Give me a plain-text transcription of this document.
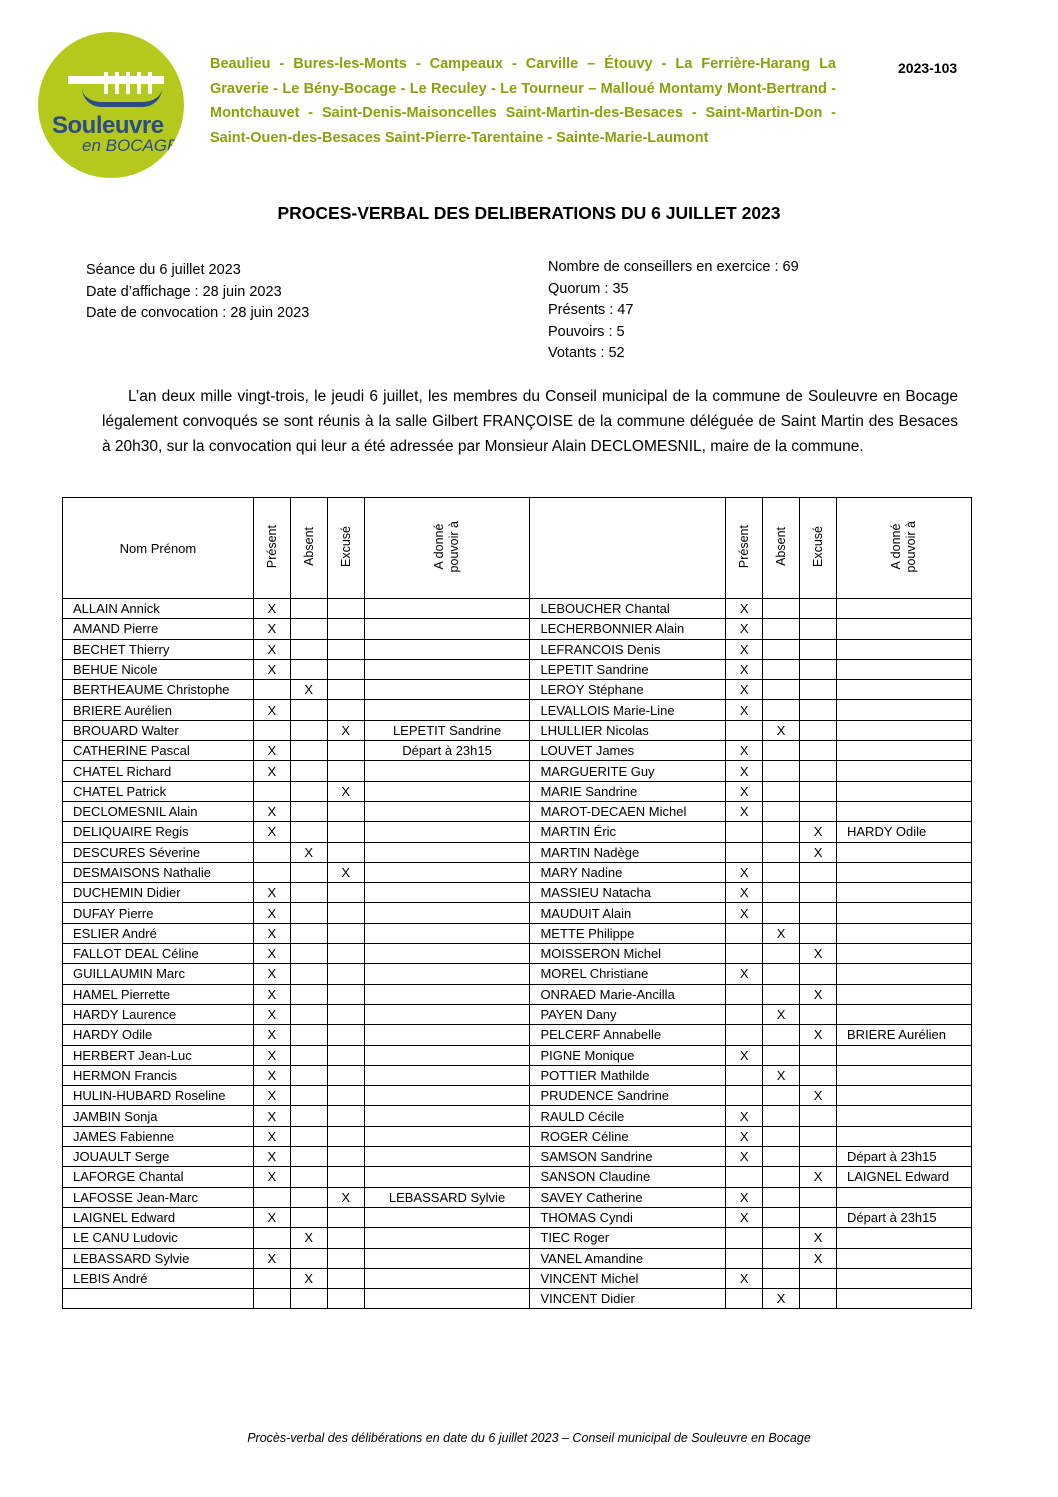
Souleuvre
en BOCAGE
Beaulieu - Bures-les-Monts - Campeaux - Carville – Étouvy - La Ferrière-Harang La Graverie - Le Bény-Bocage - Le Reculey - Le Tourneur – Malloué Montamy Mont-Bertrand - Montchauvet - Saint-Denis-Maisoncelles Saint-Martin-des-Besaces - Saint-Martin-Don - Saint-Ouen-des-Besaces Saint-Pierre-Tarentaine - Sainte-Marie-Laumont
2023-103
PROCES-VERBAL DES DELIBERATIONS DU 6 JUILLET 2023
Séance du 6 juillet 2023
Date d’affichage : 28 juin 2023
Date de convocation : 28 juin 2023
Nombre de conseillers en exercice : 69
Quorum : 35
Présents : 47
Pouvoirs : 5
Votants : 52
L’an deux mille vingt-trois, le jeudi 6 juillet, les membres du Conseil municipal de la commune de Souleuvre en Bocage légalement convoqués se sont réunis à la salle Gilbert FRANÇOISE de la commune déléguée de Saint Martin des Besaces à 20h30, sur la convocation qui leur a été adressée par Monsieur Alain DECLOMESNIL, maire de la commune.
Nom Prénom	Présent	Absent	Excusé	A donné
pouvoir à		Présent	Absent	Excusé	A donné
pouvoir à
ALLAIN Annick	X				LEBOUCHER Chantal	X			
AMAND Pierre	X				LECHERBONNIER Alain	X			
BECHET Thierry	X				LEFRANCOIS Denis	X			
BEHUE Nicole	X				LEPETIT Sandrine	X			
BERTHEAUME Christophe		X			LEROY Stéphane	X			
BRIERE Aurélien	X				LEVALLOIS Marie-Line	X			
BROUARD Walter			X	LEPETIT Sandrine	LHULLIER Nicolas		X		
CATHERINE Pascal	X			Départ à 23h15	LOUVET James	X			
CHATEL Richard	X				MARGUERITE Guy	X			
CHATEL Patrick			X		MARIE Sandrine	X			
DECLOMESNIL Alain	X				MAROT-DECAEN Michel	X			
DELIQUAIRE Regis	X				MARTIN Éric			X	HARDY Odile
DESCURES Séverine		X			MARTIN Nadège			X	
DESMAISONS Nathalie			X		MARY Nadine	X			
DUCHEMIN Didier	X				MASSIEU Natacha	X			
DUFAY Pierre	X				MAUDUIT Alain	X			
ESLIER André	X				METTE Philippe		X		
FALLOT DEAL Céline	X				MOISSERON Michel			X	
GUILLAUMIN Marc	X				MOREL Christiane	X			
HAMEL Pierrette	X				ONRAED Marie-Ancilla			X	
HARDY Laurence	X				PAYEN Dany		X		
HARDY Odile	X				PELCERF Annabelle			X	BRIERE Aurélien
HERBERT Jean-Luc	X				PIGNE Monique	X			
HERMON Francis	X				POTTIER Mathilde		X		
HULIN-HUBARD Roseline	X				PRUDENCE Sandrine			X	
JAMBIN Sonja	X				RAULD Cécile	X			
JAMES Fabienne	X				ROGER Céline	X			
JOUAULT Serge	X				SAMSON Sandrine	X			Départ à 23h15
LAFORGE Chantal	X				SANSON Claudine			X	LAIGNEL Edward
LAFOSSE Jean-Marc			X	LEBASSARD Sylvie	SAVEY Catherine	X			
LAIGNEL Edward	X				THOMAS Cyndi	X			Départ à 23h15
LE CANU Ludovic		X			TIEC Roger			X	
LEBASSARD Sylvie	X				VANEL Amandine			X	
LEBIS André		X			VINCENT Michel	X			
					VINCENT Didier		X		
Procès-verbal des délibérations en date du 6 juillet 2023 – Conseil municipal de Souleuvre en Bocage
